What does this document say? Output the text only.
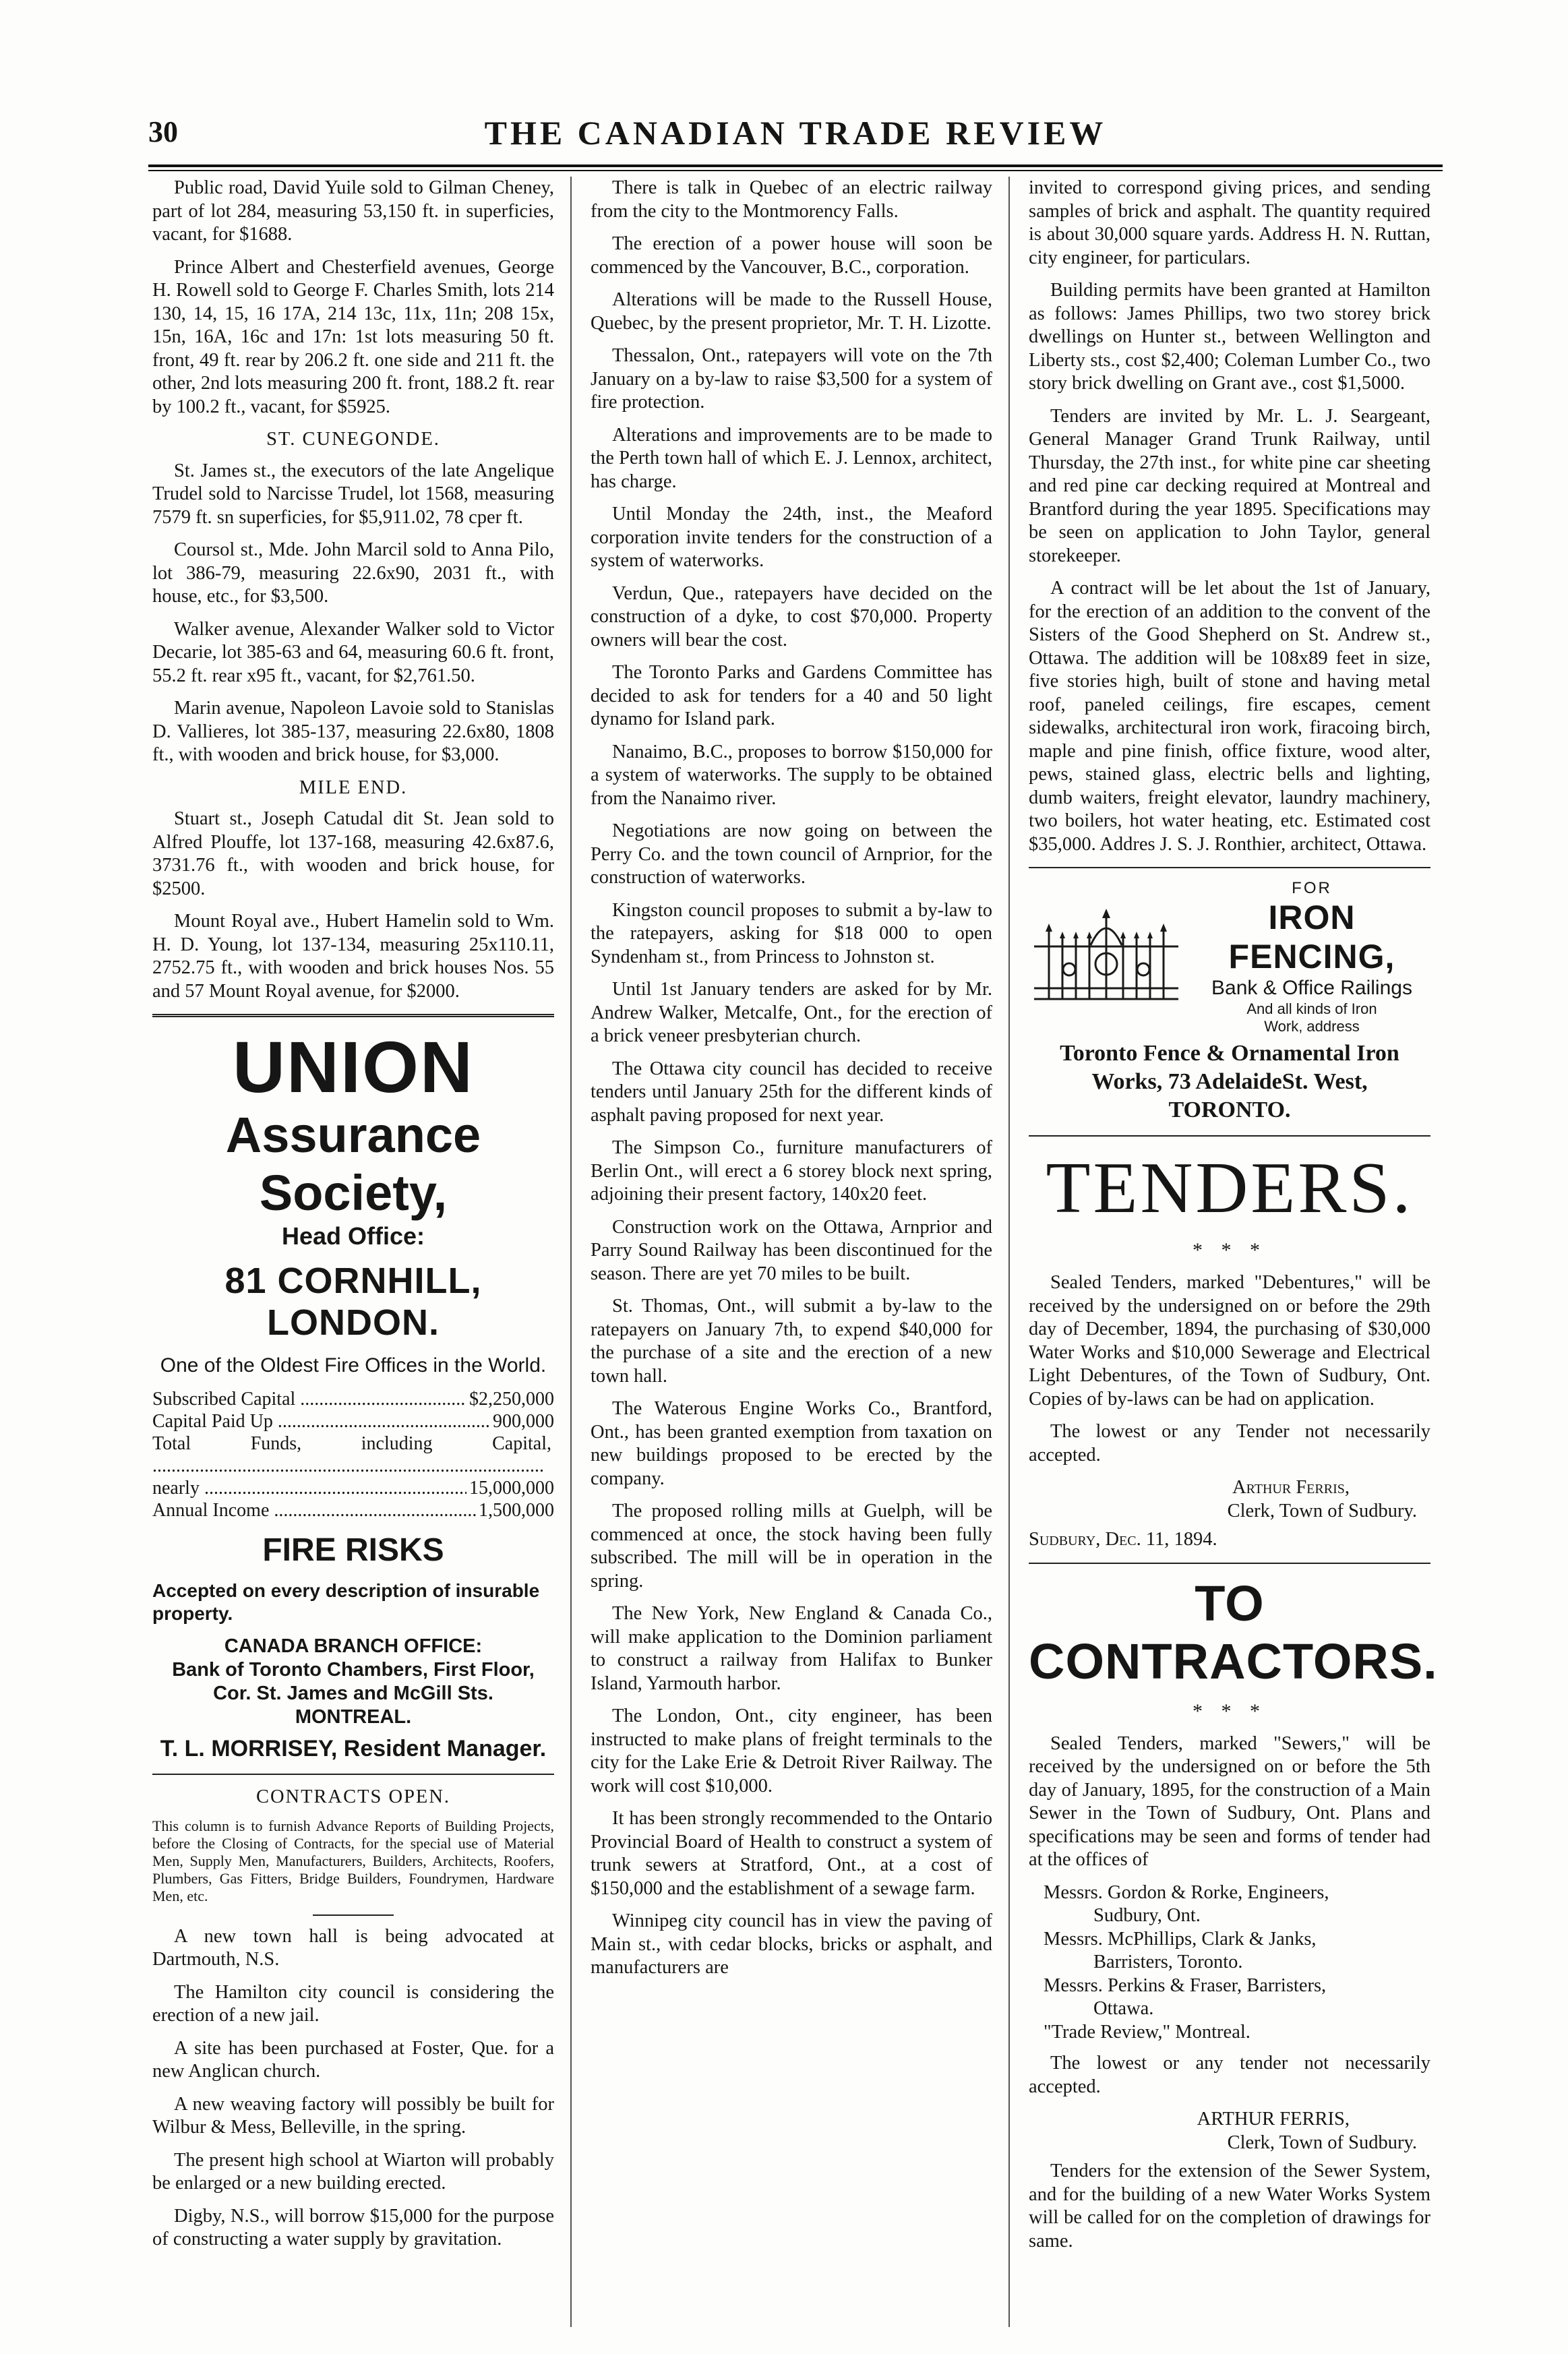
30	THE CANADIAN TRADE REVIEW

Public road, David Yuile sold to Gilman Cheney, part of lot 284, measuring 53,150 ft. in superficies, vacant, for $1688.

Prince Albert and Chesterfield avenues, George H. Rowell sold to George F. Charles Smith, lots 214 130, 14, 15, 16 17A, 214 13c, 11x, 11n; 208 15x, 15n, 16A, 16c and 17n: 1st lots measuring 50 ft. front, 49 ft. rear by 206.2 ft. one side and 211 ft. the other, 2nd lots measuring 200 ft. front, 188.2 ft. rear by 100.2 ft., vacant, for $5925.

ST. CUNEGONDE.

St. James st., the executors of the late Angelique Trudel sold to Narcisse Trudel, lot 1568, measuring 7579 ft. sn superficies, for $5,911.02, 78 cper ft.

Coursol st., Mde. John Marcil sold to Anna Pilo, lot 386-79, measuring 22.6x90, 2031 ft., with house, etc., for $3,500.

Walker avenue, Alexander Walker sold to Victor Decarie, lot 385-63 and 64, measuring 60.6 ft. front, 55.2 ft. rear x95 ft., vacant, for $2,761.50.

Marin avenue, Napoleon Lavoie sold to Stanislas D. Vallieres, lot 385-137, measuring 22.6x80, 1808 ft., with wooden and brick house, for $3,000.

MILE END.

Stuart st., Joseph Catudal dit St. Jean sold to Alfred Plouffe, lot 137-168, measuring 42.6x87.6, 3731.76 ft., with wooden and brick house, for $2500.

Mount Royal ave., Hubert Hamelin sold to Wm. H. D. Young, lot 137-134, measuring 25x110.11, 2752.75 ft., with wooden and brick houses Nos. 55 and 57 Mount Royal avenue, for $2000.

UNION
Assurance Society,

Head Office:

81 CORNHILL, LONDON.

One of the Oldest Fire Offices in the World.

Subscribed Capital .....	$2,250,000
Capital Paid Up .....	900,000
Total Funds, including Capital, .....
nearly .....	15,000,000
Annual Income .....	1,500,000

FIRE RISKS

Accepted on every description of insurable property.

CANADA BRANCH OFFICE:

Bank of Toronto Chambers, First Floor,

Cor. St. James and McGill Sts.

MONTREAL.

T. L. MORRISEY, Resident Manager.

CONTRACTS OPEN.

This column is to furnish Advance Reports of Building Projects, before the Closing of Contracts, for the special use of Material Men, Supply Men, Manufacturers, Builders, Architects, Roofers, Plumbers, Gas Fitters, Bridge Builders, Foundrymen, Hardware Men, etc.

A new town hall is being advocated at Dartmouth, N.S.

The Hamilton city council is considering the erection of a new jail.

A site has been purchased at Foster, Que. for a new Anglican church.

A new weaving factory will possibly be built for Wilbur & Mess, Belleville, in the spring.

The present high school at Wiarton will probably be enlarged or a new building erected.

Digby, N.S., will borrow $15,000 for the purpose of constructing a water supply by gravitation.

There is talk in Quebec of an electric railway from the city to the Montmorency Falls.

The erection of a power house will soon be commenced by the Vancouver, B.C., corporation.

Alterations will be made to the Russell House, Quebec, by the present proprietor, Mr. T. H. Lizotte.

Thessalon, Ont., ratepayers will vote on the 7th January on a by-law to raise $3,500 for a system of fire protection.

Alterations and improvements are to be made to the Perth town hall of which E. J. Lennox, architect, has charge.

Until Monday the 24th, inst., the Meaford corporation invite tenders for the construction of a system of waterworks.

Verdun, Que., ratepayers have decided on the construction of a dyke, to cost $70,000. Property owners will bear the cost.

The Toronto Parks and Gardens Committee has decided to ask for tenders for a 40 and 50 light dynamo for Island park.

Nanaimo, B.C., proposes to borrow $150,000 for a system of waterworks. The supply to be obtained from the Nanaimo river.

Negotiations are now going on between the Perry Co. and the town council of Arnprior, for the construction of waterworks.

Kingston council proposes to submit a by-law to the ratepayers, asking for $18 000 to open Syndenham st., from Princess to Johnston st.

Until 1st January tenders are asked for by Mr. Andrew Walker, Metcalfe, Ont., for the erection of a brick veneer presbyterian church.

The Ottawa city council has decided to receive tenders until January 25th for the different kinds of asphalt paving proposed for next year.

The Simpson Co., furniture manufacturers of Berlin Ont., will erect a 6 storey block next spring, adjoining their present factory, 140x20 feet.

Construction work on the Ottawa, Arnprior and Parry Sound Railway has been discontinued for the season. There are yet 70 miles to be built.

St. Thomas, Ont., will submit a by-law to the ratepayers on January 7th, to expend $40,000 for the purchase of a site and the erection of a new town hall.

The Waterous Engine Works Co., Brantford, Ont., has been granted exemption from taxation on new buildings proposed to be erected by the company.

The proposed rolling mills at Guelph, will be commenced at once, the stock having been fully subscribed. The mill will be in operation in the spring.

The New York, New England & Canada Co., will make application to the Dominion parliament to construct a railway from Halifax to Bunker Island, Yarmouth harbor.

The London, Ont., city engineer, has been instructed to make plans of freight terminals to the city for the Lake Erie & Detroit River Railway. The work will cost $10,000.

It has been strongly recommended to the Ontario Provincial Board of Health to construct a system of trunk sewers at Stratford, Ont., at a cost of $150,000 and the establishment of a sewage farm.

Winnipeg city council has in view the paving of Main st., with cedar blocks, bricks or asphalt, and manufacturers are

invited to correspond giving prices, and sending samples of brick and asphalt. The quantity required is about 30,000 square yards. Address H. N. Ruttan, city engineer, for particulars.

Building permits have been granted at Hamilton as follows: James Phillips, two two storey brick dwellings on Hunter st., between Wellington and Liberty sts., cost $2,400; Coleman Lumber Co., two story brick dwelling on Grant ave., cost $1,5000.

Tenders are invited by Mr. L. J. Seargeant, General Manager Grand Trunk Railway, until Thursday, the 27th inst., for white pine car sheeting and red pine car decking required at Montreal and Brantford during the year 1895. Specifications may be seen on application to John Taylor, general storekeeper.

A contract will be let about the 1st of January, for the erection of an addition to the convent of the Sisters of the Good Shepherd on St. Andrew st., Ottawa. The addition will be 108x89 feet in size, five stories high, built of stone and having metal roof, paneled ceilings, fire escapes, cement sidewalks, architectural iron work, firacoing birch, maple and pine finish, office fixture, wood alter, pews, stained glass, electric bells and lighting, dumb waiters, freight elevator, laundry machinery, two boilers, hot water heating, etc. Estimated cost $35,000. Addres J. S. J. Ronthier, architect, Ottawa.

FOR
IRON FENCING,
Bank & Office Railings
And all kinds of Iron
Work, address

Toronto Fence & Ornamental Iron

Works, 73 AdelaideSt. West, TORONTO.

TENDERS.

* * *

Sealed Tenders, marked "Debentures," will be received by the undersigned on or before the 29th day of December, 1894, the purchasing of $30,000 Water Works and $10,000 Sewerage and Electrical Light Debentures, of the Town of Sudbury, Ont. Copies of by-laws can be had on application.

The lowest or any Tender not necessarily accepted.

Arthur Ferris,

Clerk, Town of Sudbury.

Sudbury, Dec. 11, 1894.

TO CONTRACTORS.

* * *

Sealed Tenders, marked "Sewers," will be received by the undersigned on or before the 5th day of January, 1895, for the construction of a Main Sewer in the Town of Sudbury, Ont. Plans and specifications may be seen and forms of tender had at the offices of

Messrs. Gordon & Rorke, Engineers,

Sudbury, Ont.

Messrs. McPhillips, Clark & Janks,

Barristers, Toronto.

Messrs. Perkins & Fraser, Barristers,

Ottawa.

"Trade Review," Montreal.

The lowest or any tender not necessarily accepted.

ARTHUR FERRIS,

Clerk, Town of Sudbury.

Tenders for the extension of the Sewer System, and for the building of a new Water Works System will be called for on the completion of drawings for same.
